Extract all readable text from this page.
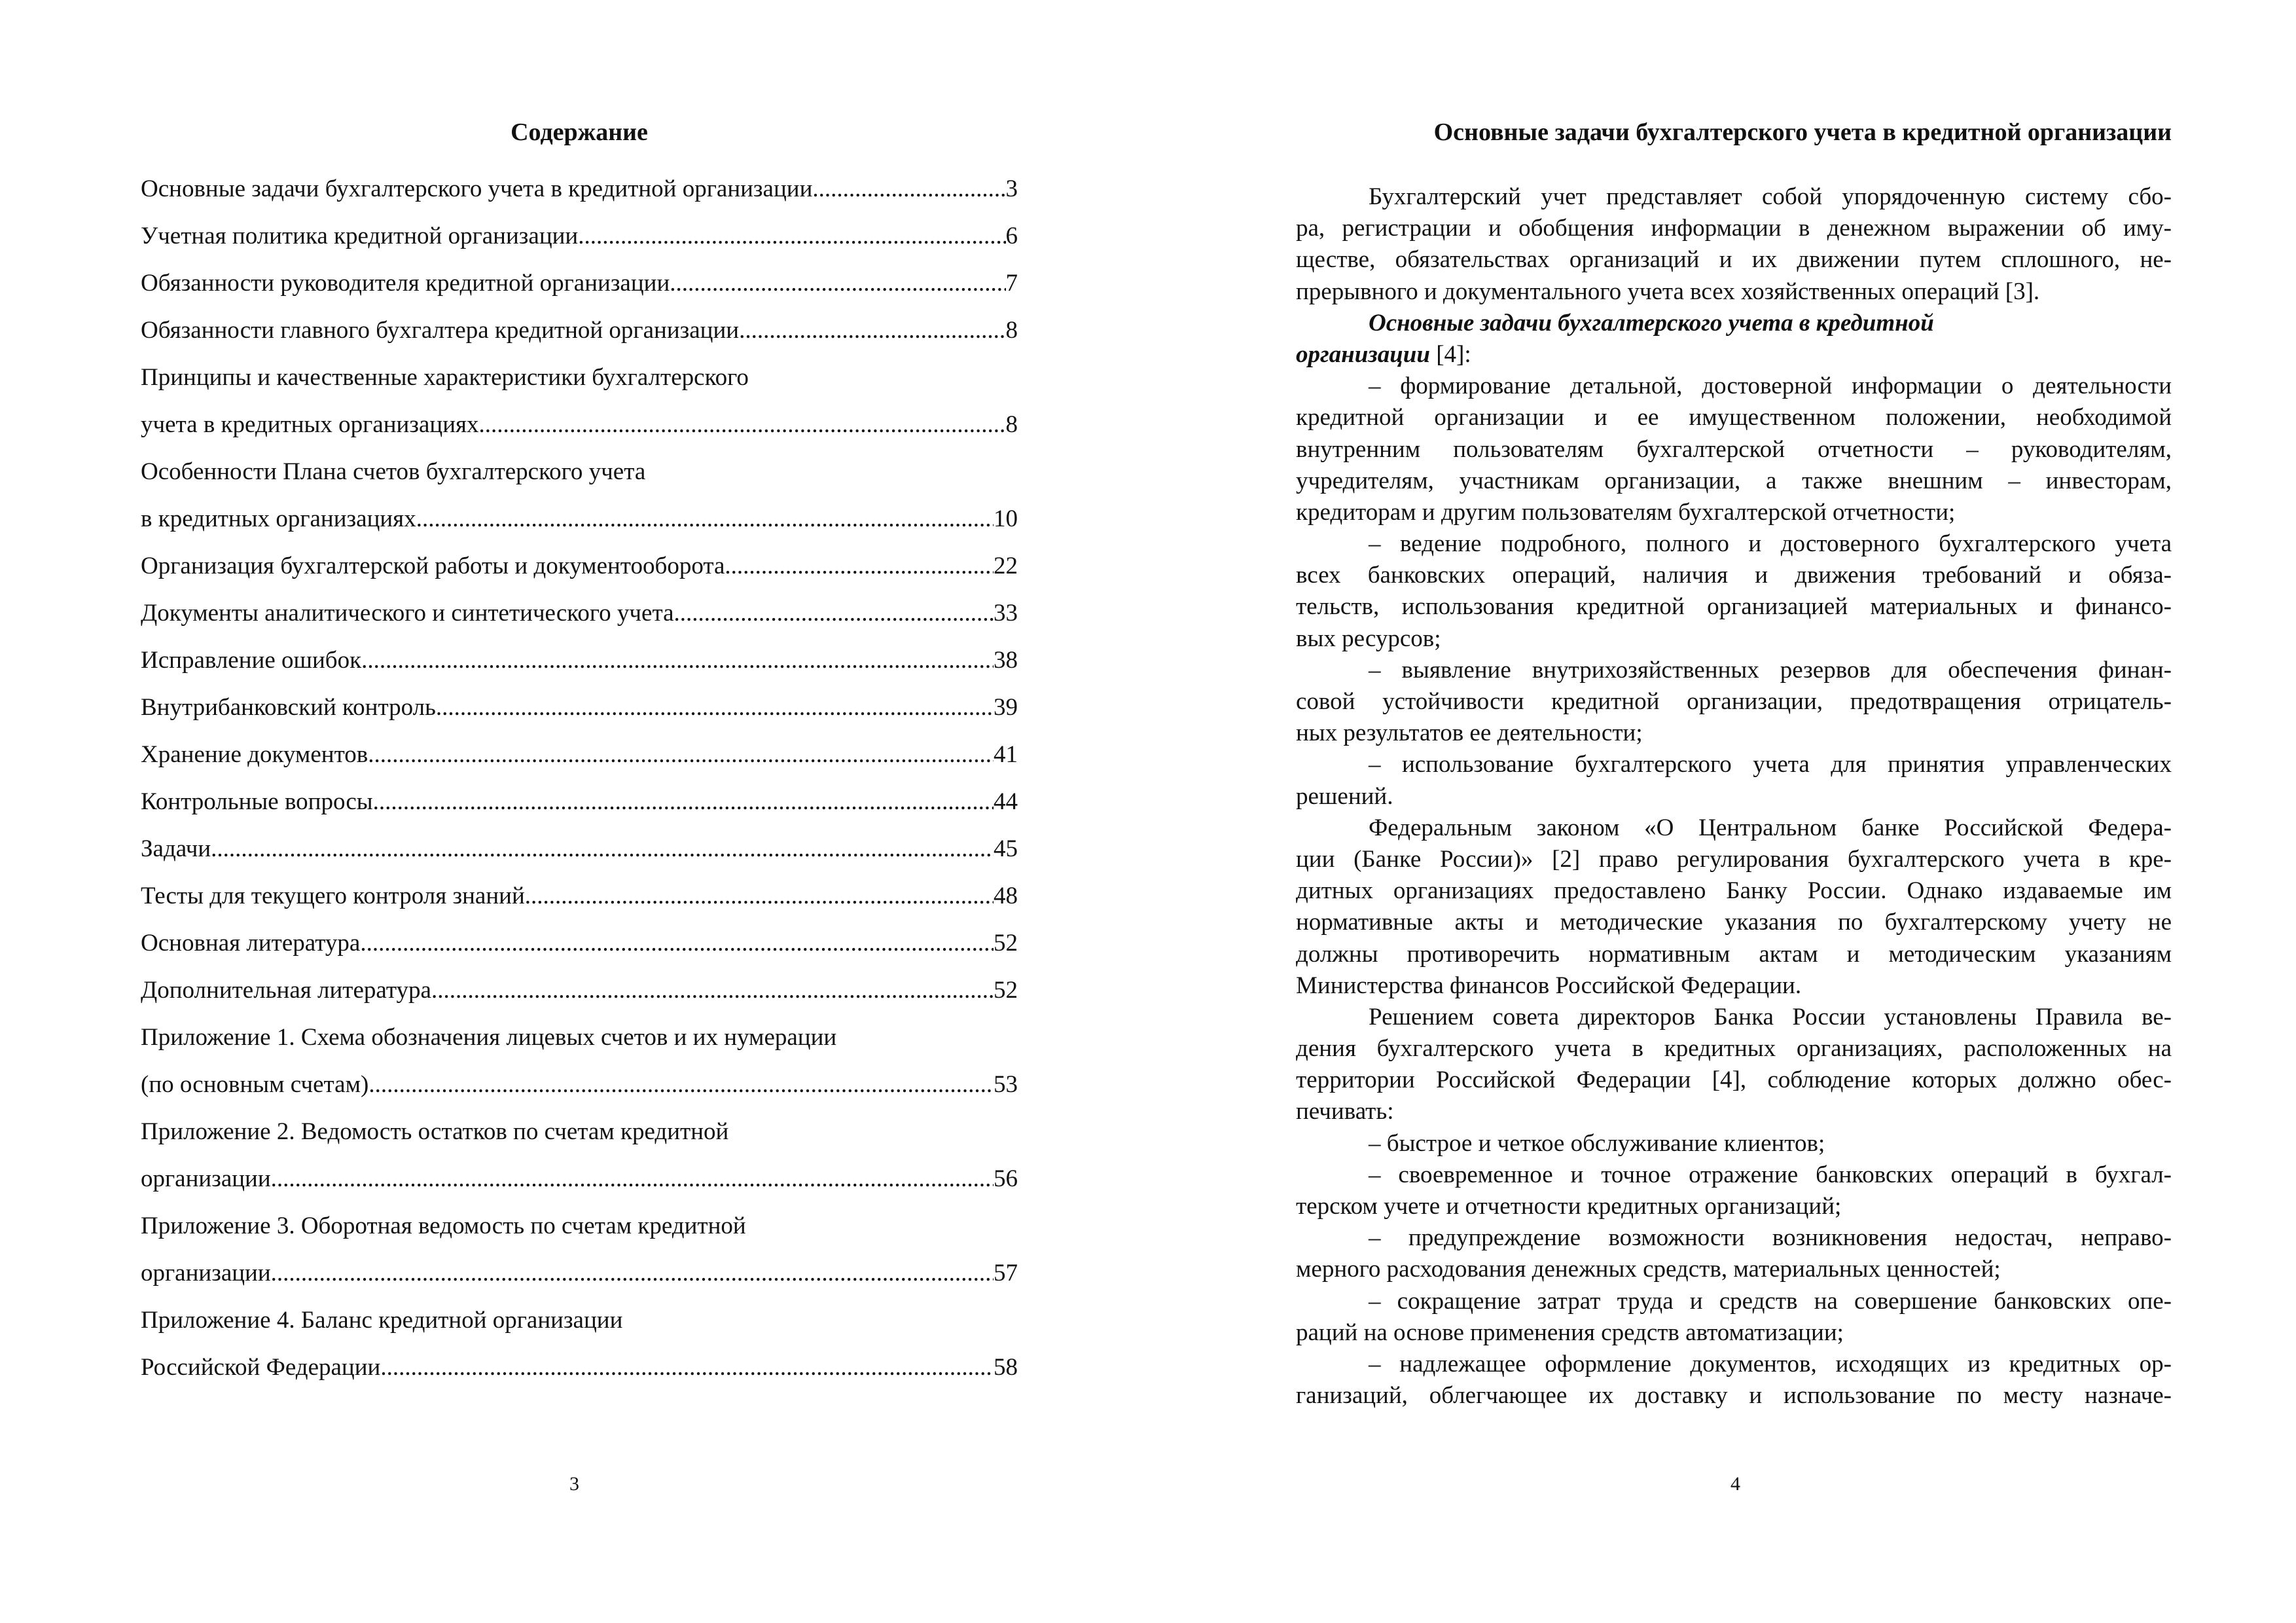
Содержание
Основные задачи бухгалтерского учета в кредитной организации .....	3
Учетная политика кредитной организации .....	6
Обязанности руководителя кредитной организации .....	7
Обязанности главного бухгалтера кредитной организации .....	8
Принципы и качественные характеристики бухгалтерского
учета в кредитных организациях .....	8
Особенности Плана счетов бухгалтерского учета
в кредитных организациях .....	10
Организация бухгалтерской работы и документооборота .....	22
Документы аналитического и синтетического учета .....	33
Исправление ошибок .....	38
Внутрибанковский контроль .....	39
Хранение документов .....	41
Контрольные вопросы .....	44
Задачи .....	45
Тесты для текущего контроля знаний .....	48
Основная литература .....	52
Дополнительная литература .....	52
Приложение 1. Схема обозначения лицевых счетов и их нумерации
(по основным счетам) .....	53
Приложение 2. Ведомость остатков по счетам кредитной
организации .....	56
Приложение 3. Оборотная ведомость по счетам кредитной
организации .....	57
Приложение 4. Баланс кредитной организации
Российской Федерации .....	58
3
Основные задачи бухгалтерского учета в кредитной организации
Бухгалтерский учет представляет собой упорядоченную систему сбо-
ра, регистрации и обобщения информации в денежном выражении об иму-
ществе, обязательствах организаций и их движении путем сплошного, не-
прерывного и документального учета всех хозяйственных операций [3].
Основные задачи бухгалтерского учета в кредитной
организации [4]:
– формирование детальной, достоверной информации о деятельности
кредитной организации и ее имущественном положении, необходимой
внутренним пользователям бухгалтерской отчетности – руководителям,
учредителям, участникам организации, а также внешним – инвесторам,
кредиторам и другим пользователям бухгалтерской отчетности;
– ведение подробного, полного и достоверного бухгалтерского учета
всех банковских операций, наличия и движения требований и обяза-
тельств, использования кредитной организацией материальных и финансо-
вых ресурсов;
– выявление внутрихозяйственных резервов для обеспечения финан-
совой устойчивости кредитной организации, предотвращения отрицатель-
ных результатов ее деятельности;
– использование бухгалтерского учета для принятия управленческих
решений.
Федеральным законом «О Центральном банке Российской Федера-
ции (Банке России)» [2] право регулирования бухгалтерского учета в кре-
дитных организациях предоставлено Банку России. Однако издаваемые им
нормативные акты и методические указания по бухгалтерскому учету не
должны противоречить нормативным актам и методическим указаниям
Министерства финансов Российской Федерации.
Решением совета директоров Банка России установлены Правила ве-
дения бухгалтерского учета в кредитных организациях, расположенных на
территории Российской Федерации [4], соблюдение которых должно обес-
печивать:
– быстрое и четкое обслуживание клиентов;
– своевременное и точное отражение банковских операций в бухгал-
терском учете и отчетности кредитных организаций;
– предупреждение возможности возникновения недостач, неправо-
мерного расходования денежных средств, материальных ценностей;
– сокращение затрат труда и средств на совершение банковских опе-
раций на основе применения средств автоматизации;
– надлежащее оформление документов, исходящих из кредитных ор-
ганизаций, облегчающее их доставку и использование по месту назначе-
4
